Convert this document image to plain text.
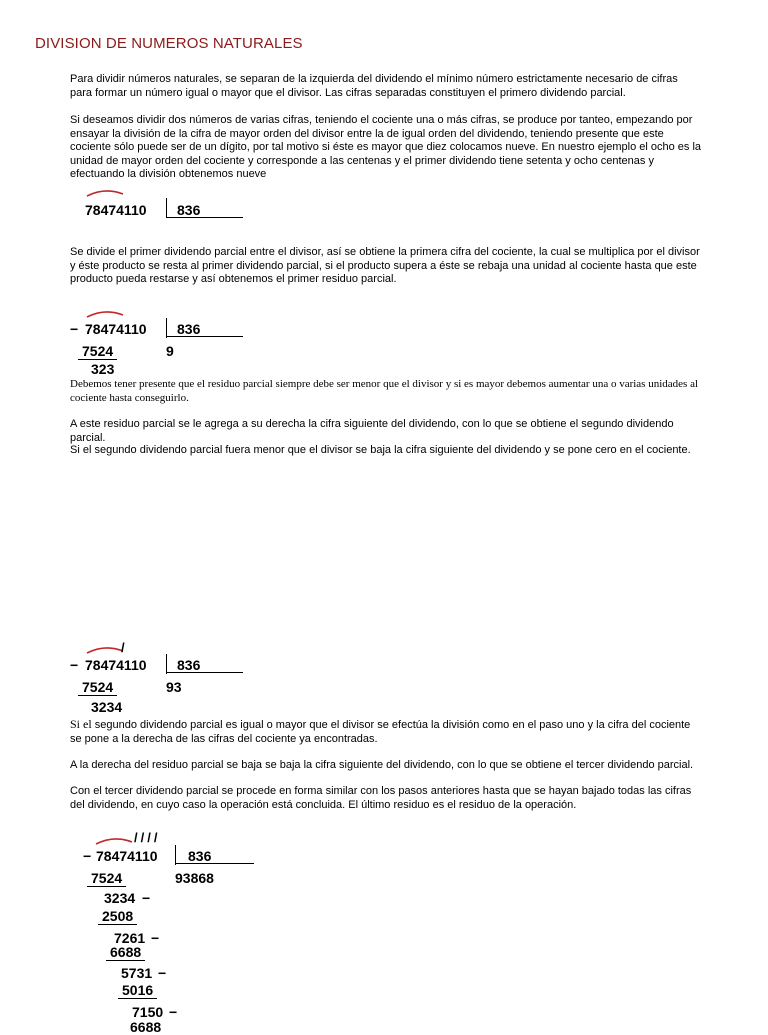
DIVISION DE NUMEROS NATURALES

Para dividir números naturales, se separan de la izquierda del dividendo el mínimo número estrictamente necesario de cifras para formar un número igual o mayor que el divisor. Las cifras separadas constituyen el primero dividendo parcial.

Si deseamos dividir dos números de varias cifras, teniendo el cociente una o más cifras, se produce por tanteo, empezando por ensayar la división de la cifra de mayor orden del divisor entre la de igual orden del dividendo, teniendo presente que este cociente sólo puede ser de un dígito, por tal motivo si éste es mayor que diez colocamos nueve. En nuestro ejemplo el ocho es la unidad de mayor orden del cociente y corresponde a las centenas y el primer dividendo tiene setenta y ocho centenas y efectuando la división obtenemos nueve

78474110 836

Se divide el primer dividendo parcial entre el divisor, así se obtiene la primera cifra del cociente, la cual se multiplica por el divisor y éste producto se resta al primer dividendo parcial, si el producto supera a éste se rebaja una unidad al cociente hasta que este producto pueda restarse y así obtenemos el primer residuo parcial.

− 78474110 836
7524	9
323

Debemos tener presente que el residuo parcial siempre debe ser menor que el divisor y si es mayor debemos aumentar una o varias unidades al cociente hasta conseguirlo.

A este residuo parcial se le agrega a su derecha la cifra siguiente del dividendo, con lo que se obtiene el segundo dividendo parcial.

Si el segundo dividendo parcial fuera menor que el divisor se baja la cifra siguiente del dividendo y se pone cero en el cociente.

/
− 78474110 836
7524	93
3234

Si el segundo dividendo parcial es igual o mayor que el divisor se efectúa la división como en el paso uno y la cifra del cociente se pone a la derecha de las cifras del cociente ya encontradas.

A la derecha del residuo parcial se baja se baja la cifra siguiente del dividendo, con lo que se obtiene el tercer dividendo parcial.

Con el tercer dividendo parcial se procede en forma similar con los pasos anteriores hasta que se hayan bajado todas las cifras del dividendo, en cuyo caso la operación está concluida. El último residuo es el residuo de la operación.

////
− 78474110 836
93868
7524
3234 −
2508
7261 −
6688
5731 −
5016
7150 −
6688
